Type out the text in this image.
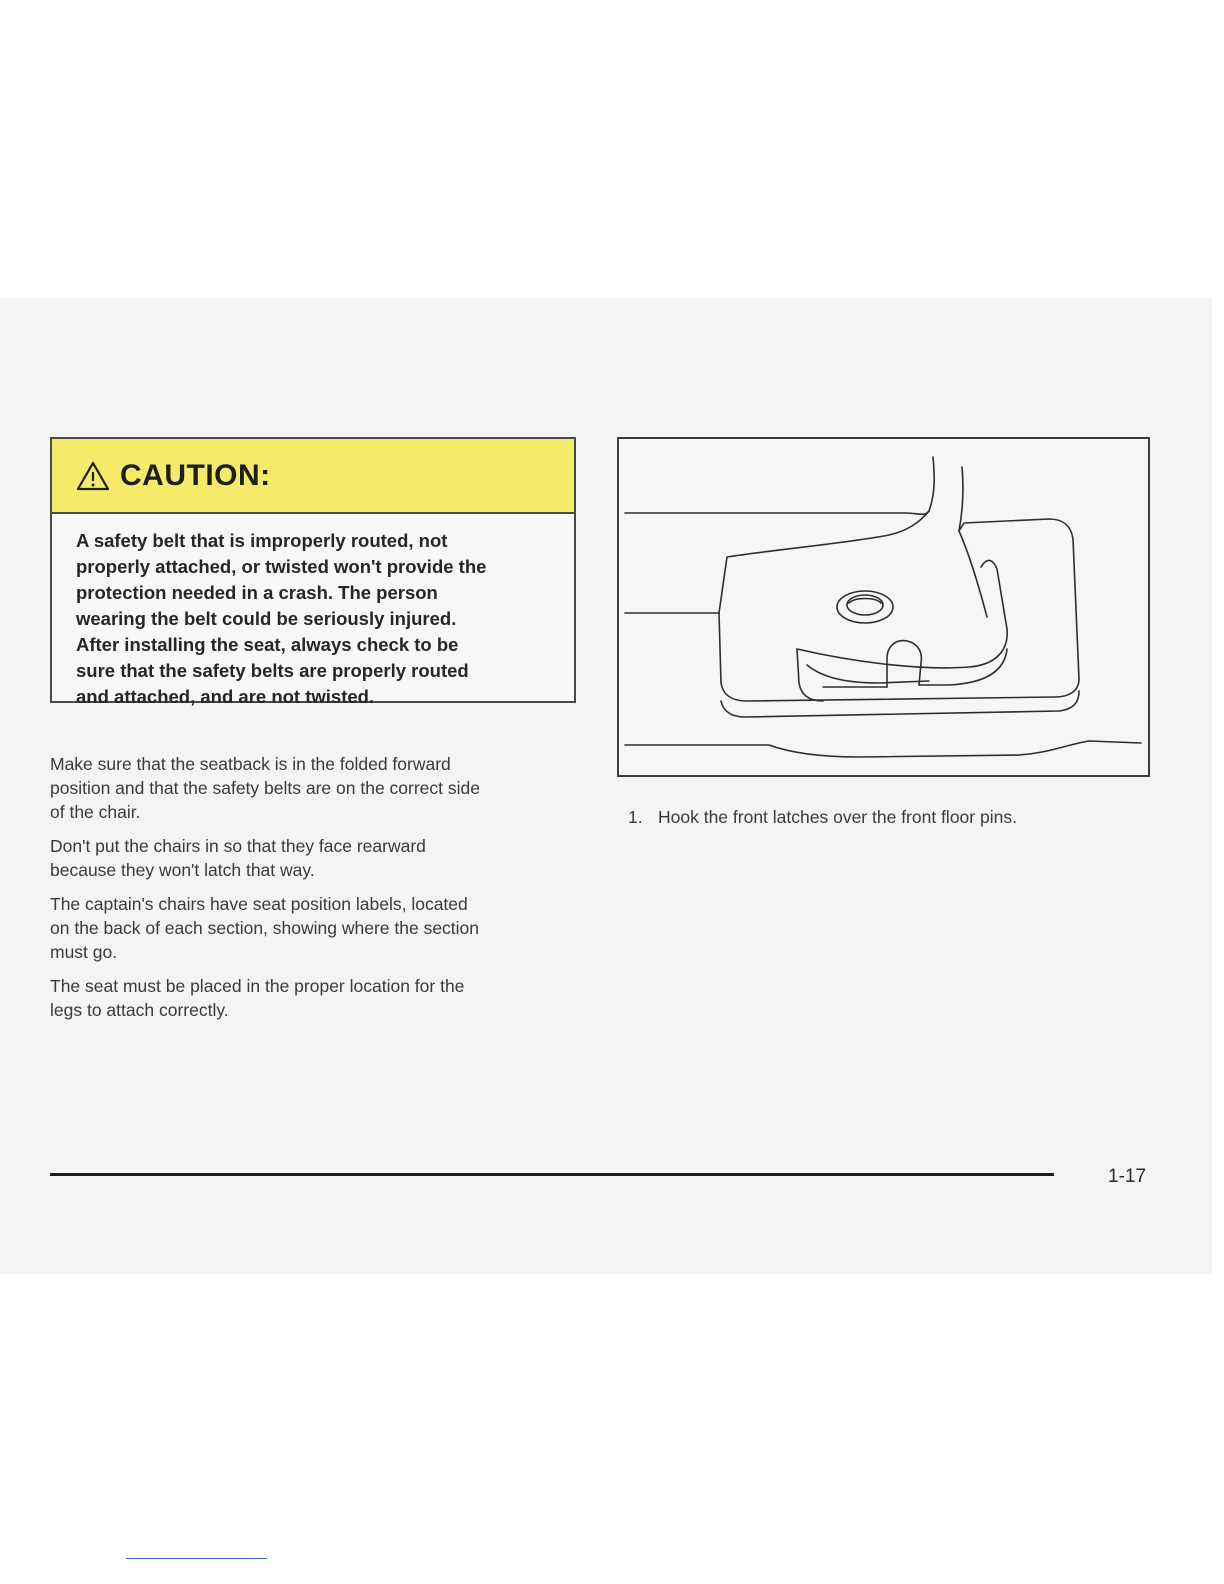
CAUTION:
A safety belt that is improperly routed, not
properly attached, or twisted won't provide the
protection needed in a crash. The person
wearing the belt could be seriously injured.
After installing the seat, always check to be
sure that the safety belts are properly routed
and attached, and are not twisted.

Make sure that the seatback is in the folded forward
position and that the safety belts are on the correct side
of the chair.

Don't put the chairs in so that they face rearward
because they won't latch that way.

The captain's chairs have seat position labels, located
on the back of each section, showing where the section
must go.

The seat must be placed in the proper location for the
legs to attach correctly.

1. Hook the front latches over the front floor pins.
1-17
